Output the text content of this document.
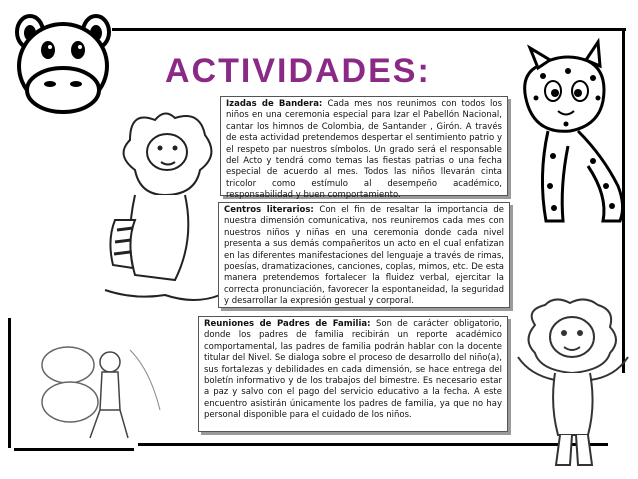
ACTIVIDADES:
Izadas de Bandera: Cada mes nos reunimos con todos los niños en una ceremonia especial para Izar el Pabellón Nacional, cantar los himnos de Colombia, de Santander , Girón. A través de esta actividad pretendemos despertar el sentimiento patrio y el respeto par nuestros símbolos. Un grado será el responsable del Acto y tendrá como temas las fiestas patrias o una fecha especial de acuerdo al mes. Todos las niños llevarán cinta tricolor como estímulo al desempeño académico, responsabilidad y buen comportamiento.
Centros literarios: Con el fin de resaltar la importancia de nuestra dimensión comunicativa, nos reuniremos cada mes con nuestros niños y niñas en una ceremonia donde cada nivel presenta a sus demás compañeritos un acto en el cual enfatizan en las diferentes manifestaciones del lenguaje a través de rimas, poesías, dramatizaciones, canciones, coplas, mimos, etc. De esta manera pretendemos fortalecer la fluidez verbal, ejercitar la correcta pronunciación, favorecer la espontaneidad, la seguridad y desarrollar la expresión gestual y corporal.
Reuniones de Padres de Familia: Son de carácter obligatorio, donde los padres de familia recibirán un reporte académico comportamental, las padres de familia podrán hablar con la docente titular del Nivel. Se dialoga sobre el proceso de desarrollo del niño(a), sus fortalezas y debilidades en cada dimensión, se hace entrega del boletín informativo y de los trabajos del bimestre. Es necesario estar a paz y salvo con el pago del servicio educativo a la fecha. A este encuentro asistirán únicamente los padres de familia, ya que no hay personal disponible para el cuidado de los niños.
